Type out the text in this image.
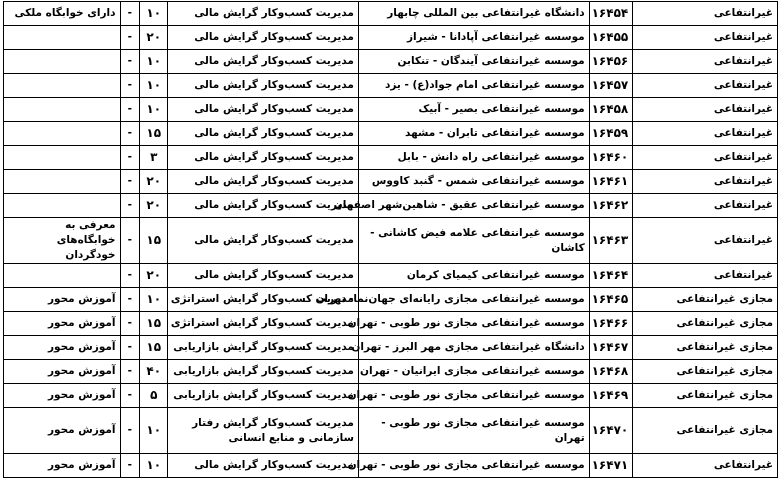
غیرانتفاعی	۱۶۴۵۴	دانشگاه غیرانتفاعی بین المللی چابهار	مدیریت کسب‌وکار گرایش مالی	۱۰	-	دارای خوابگاه ملکی
غیرانتفاعی	۱۶۴۵۵	موسسه غیرانتفاعی آپادانا - شیراز	مدیریت کسب‌وکار گرایش مالی	۲۰	-	
غیرانتفاعی	۱۶۴۵۶	موسسه غیرانتفاعی آیندگان - تنکابن	مدیریت کسب‌وکار گرایش مالی	۱۰	-	
غیرانتفاعی	۱۶۴۵۷	موسسه غیرانتفاعی امام جواد(ع) - یزد	مدیریت کسب‌وکار گرایش مالی	۱۰	-	
غیرانتفاعی	۱۶۴۵۸	موسسه غیرانتفاعی بصیر - آبیک	مدیریت کسب‌وکار گرایش مالی	۱۰	-	
غیرانتفاعی	۱۶۴۵۹	موسسه غیرانتفاعی تابران - مشهد	مدیریت کسب‌وکار گرایش مالی	۱۵	-	
غیرانتفاعی	۱۶۴۶۰	موسسه غیرانتفاعی راه دانش - بابل	مدیریت کسب‌وکار گرایش مالی	۳	-	
غیرانتفاعی	۱۶۴۶۱	موسسه غیرانتفاعی شمس - گنبد کاووس	مدیریت کسب‌وکار گرایش مالی	۲۰	-	
غیرانتفاعی	۱۶۴۶۲	موسسه غیرانتفاعی عقیق - شاهین‌شهر اصفهان	مدیریت کسب‌وکار گرایش مالی	۲۰	-	
غیرانتفاعی	۱۶۴۶۳	موسسه غیرانتفاعی علامه فیض کاشانی - کاشان	مدیریت کسب‌وکار گرایش مالی	۱۵	-	معرفی به خوابگاه‌های خودگردان
غیرانتفاعی	۱۶۴۶۴	موسسه غیرانتفاعی کیمیای کرمان	مدیریت کسب‌وکار گرایش مالی	۲۰	-	
مجازی غیرانتفاعی	۱۶۴۶۵	موسسه غیرانتفاعی مجازی رایانه‌ای جهان‌نما- تهران	مدیریت کسب‌وکار گرایش استراتژی	۱۰	-	آموزش محور
مجازی غیرانتفاعی	۱۶۴۶۶	موسسه غیرانتفاعی مجازی نور طوبی - تهران	مدیریت کسب‌وکار گرایش استراتژی	۱۵	-	آموزش محور
مجازی غیرانتفاعی	۱۶۴۶۷	دانشگاه غیرانتفاعی مجازی مهر البرز - تهران	مدیریت کسب‌وکار گرایش بازاریابی	۱۵	-	آموزش محور
مجازی غیرانتفاعی	۱۶۴۶۸	موسسه غیرانتفاعی مجازی ایرانیان - تهران	مدیریت کسب‌وکار گرایش بازاریابی	۴۰	-	آموزش محور
مجازی غیرانتفاعی	۱۶۴۶۹	موسسه غیرانتفاعی مجازی نور طوبی - تهران	مدیریت کسب‌وکار گرایش بازاریابی	۵	-	آموزش محور
مجازی غیرانتفاعی	۱۶۴۷۰	موسسه غیرانتفاعی مجازی نور طوبی - تهران	مدیریت کسب‌وکار گرایش رفتار سازمانی و منابع انسانی	۱۰	-	آموزش محور
غیرانتفاعی	۱۶۴۷۱	موسسه غیرانتفاعی مجازی نور طوبی - تهران	مدیریت کسب‌وکار گرایش مالی	۱۰	-	آموزش محور
